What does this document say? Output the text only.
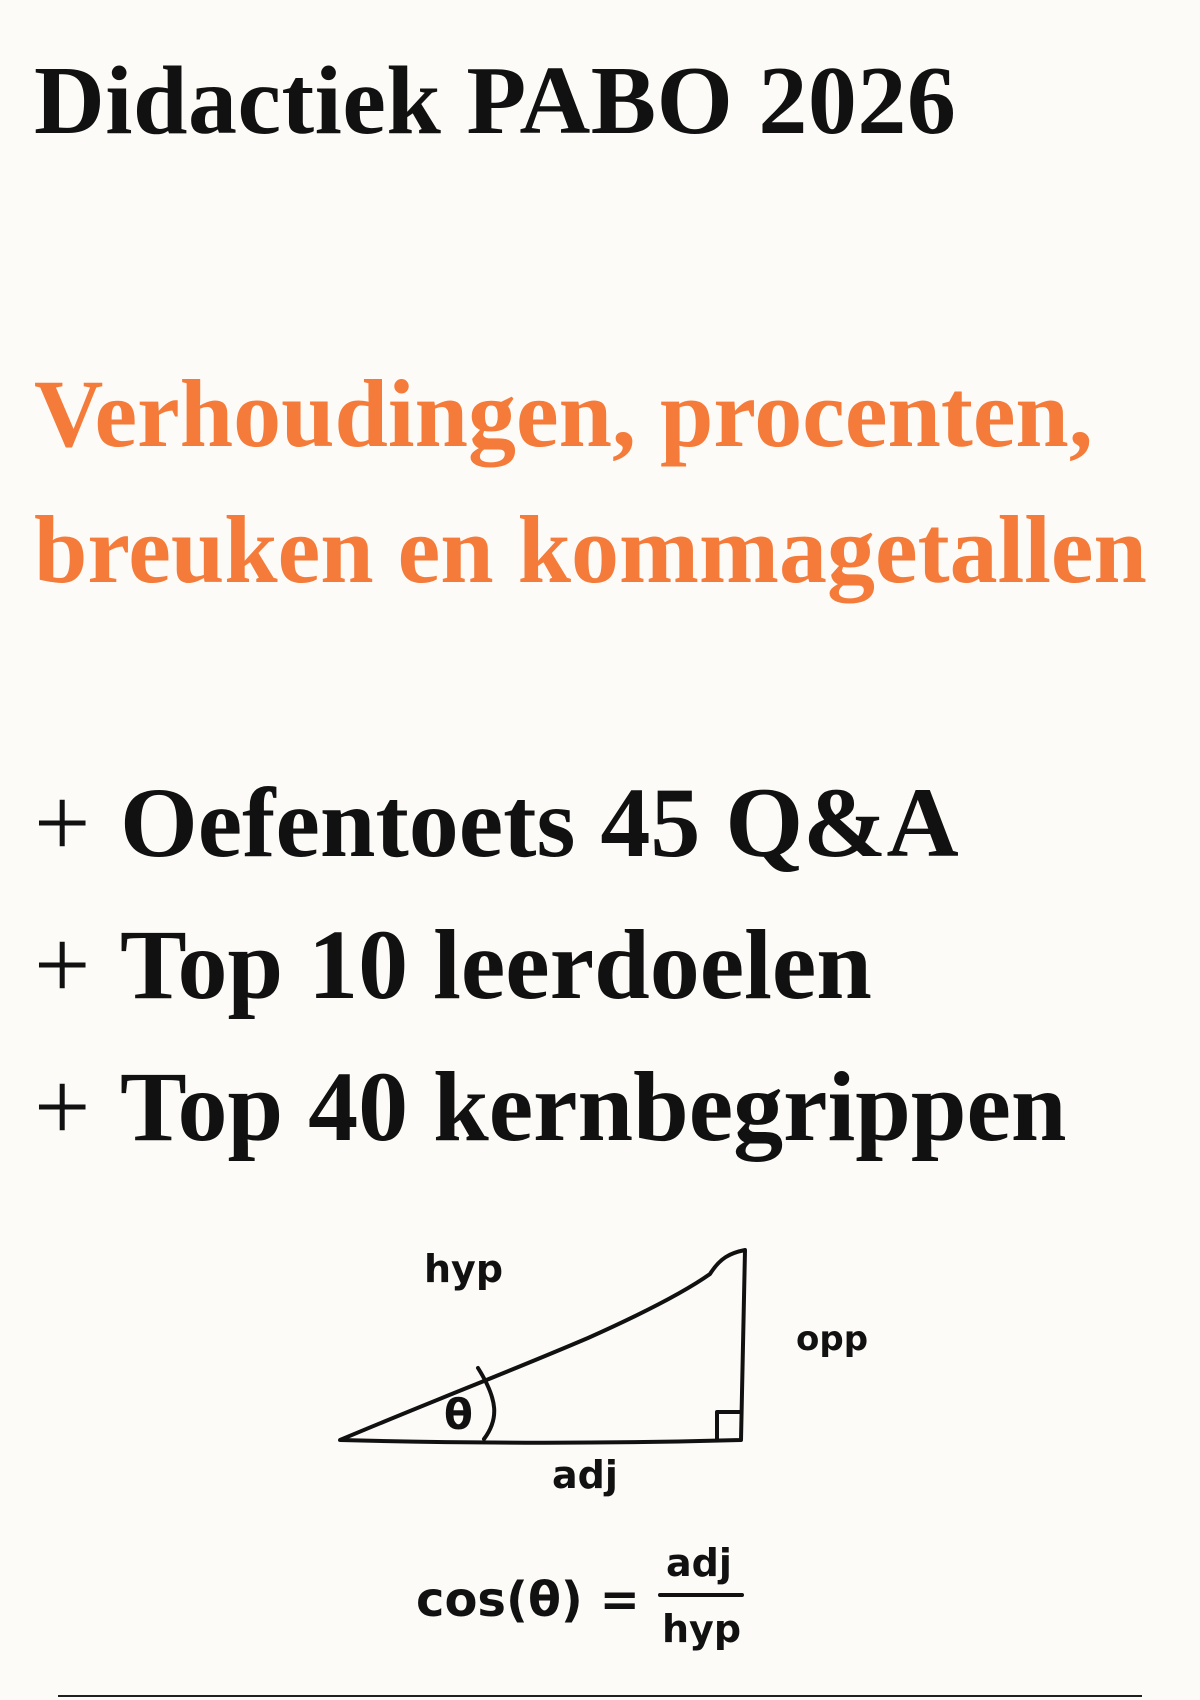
Didactiek PABO 2026
Verhoudingen, procenten,
breuken en kommagetallen
+ Oefentoets 45 Q&A
+ Top 10 leerdoelen
+ Top 40 kernbegrippen
hyp
opp
θ
adj
cos(θ) =
adj
hyp
